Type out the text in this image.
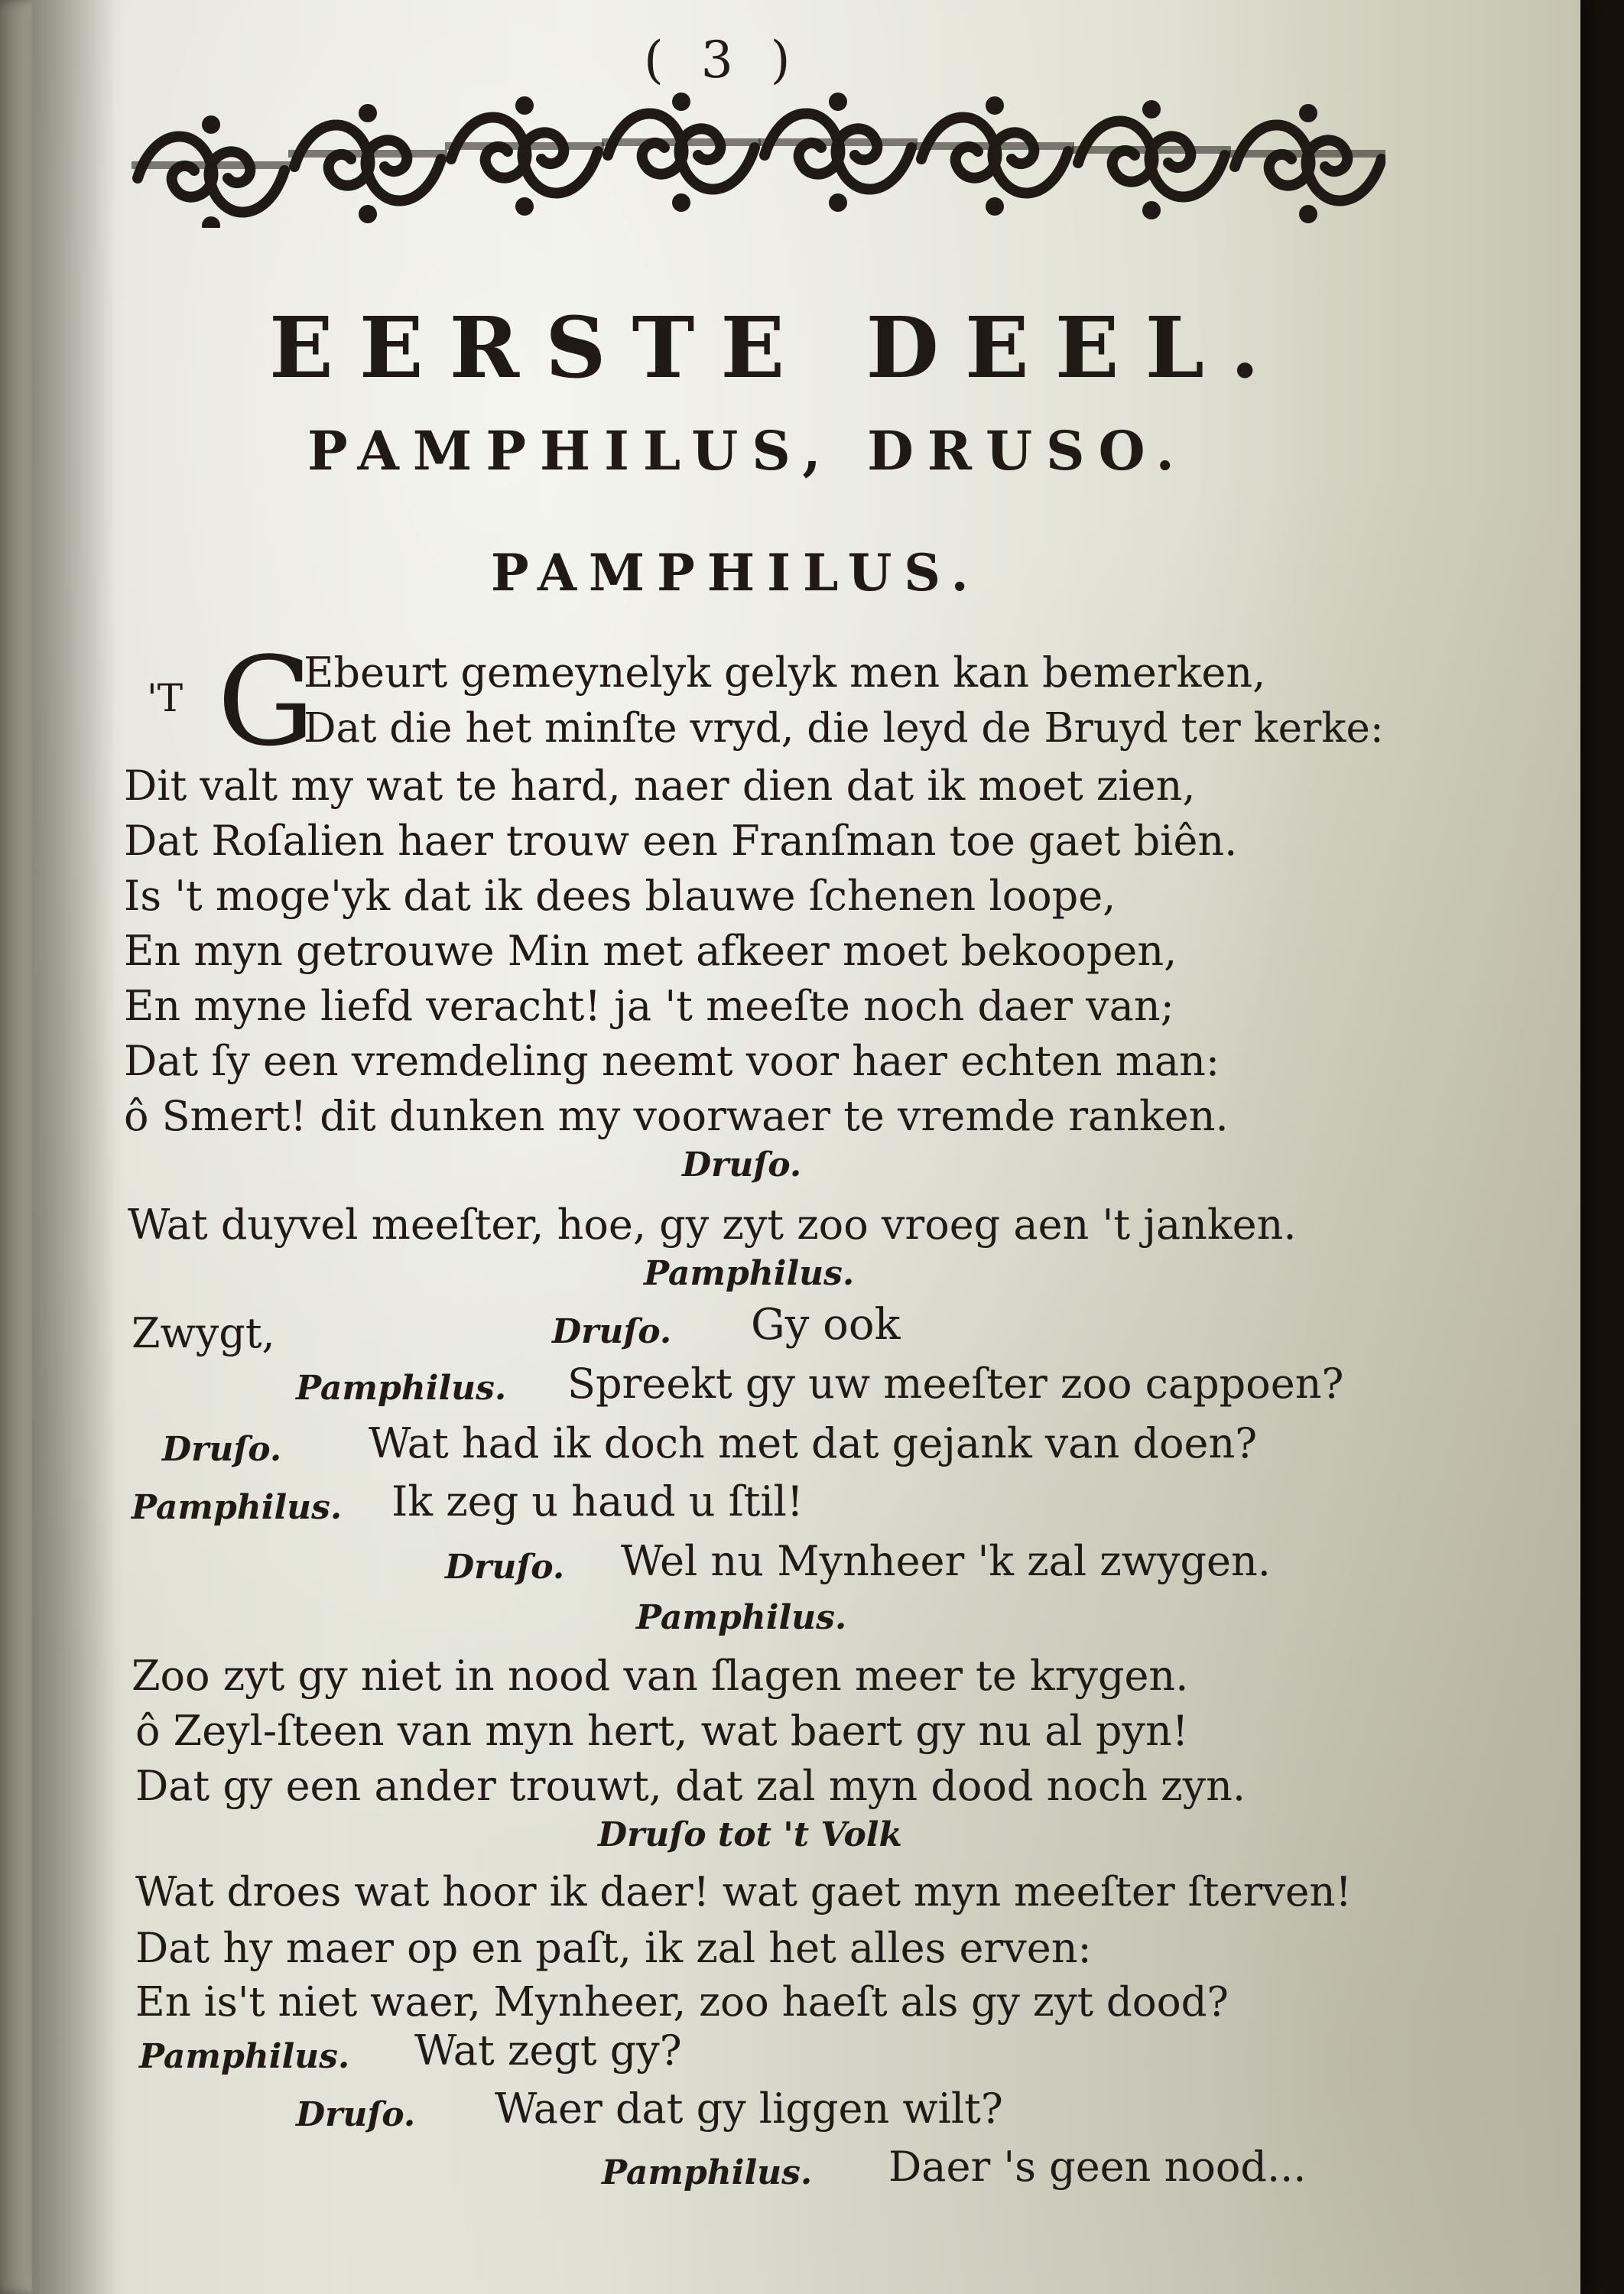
( 3 )
EERSTE DEEL.
PAMPHILUS, DRUSO.
PAMPHILUS.
'T G
Ebeurt gemeynelyk gelyk men kan bemerken,
Dat die het minſte vryd, die leyd de Bruyd ter kerke:
Dit valt my wat te hard, naer dien dat ik moet zien,
Dat Roſalien haer trouw een Franſman toe gaet biên.
Is 't moge'yk dat ik dees blauwe ſchenen loope,
En myn getrouwe Min met afkeer moet bekoopen,
En myne liefd veracht! ja 't meeſte noch daer van;
Dat ſy een vremdeling neemt voor haer echten man:
ô Smert! dit dunken my voorwaer te vremde ranken.
Druſo.
Wat duyvel meeſter, hoe, gy zyt zoo vroeg aen 't janken.
Pamphilus.
Zwygt,	Druſo. Gy ook
Pamphilus. Spreekt gy uw meeſter zoo cappoen?
Druſo. Wat had ik doch met dat gejank van doen?
Pamphilus. Ik zeg u haud u ſtil!
Druſo. Wel nu Mynheer 'k zal zwygen.
Pamphilus.
Zoo zyt gy niet in nood van ſlagen meer te krygen.
ô Zeyl-ſteen van myn hert, wat baert gy nu al pyn!
Dat gy een ander trouwt, dat zal myn dood noch zyn.
Druſo tot 't Volk
Wat droes wat hoor ik daer! wat gaet myn meeſter ſterven!
Dat hy maer op en paſt, ik zal het alles erven:
En is't niet waer, Mynheer, zoo haeſt als gy zyt dood?
Pamphilus. Wat zegt gy?
Druſo. Waer dat gy liggen wilt?
Pamphilus. Daer 's geen nood...
